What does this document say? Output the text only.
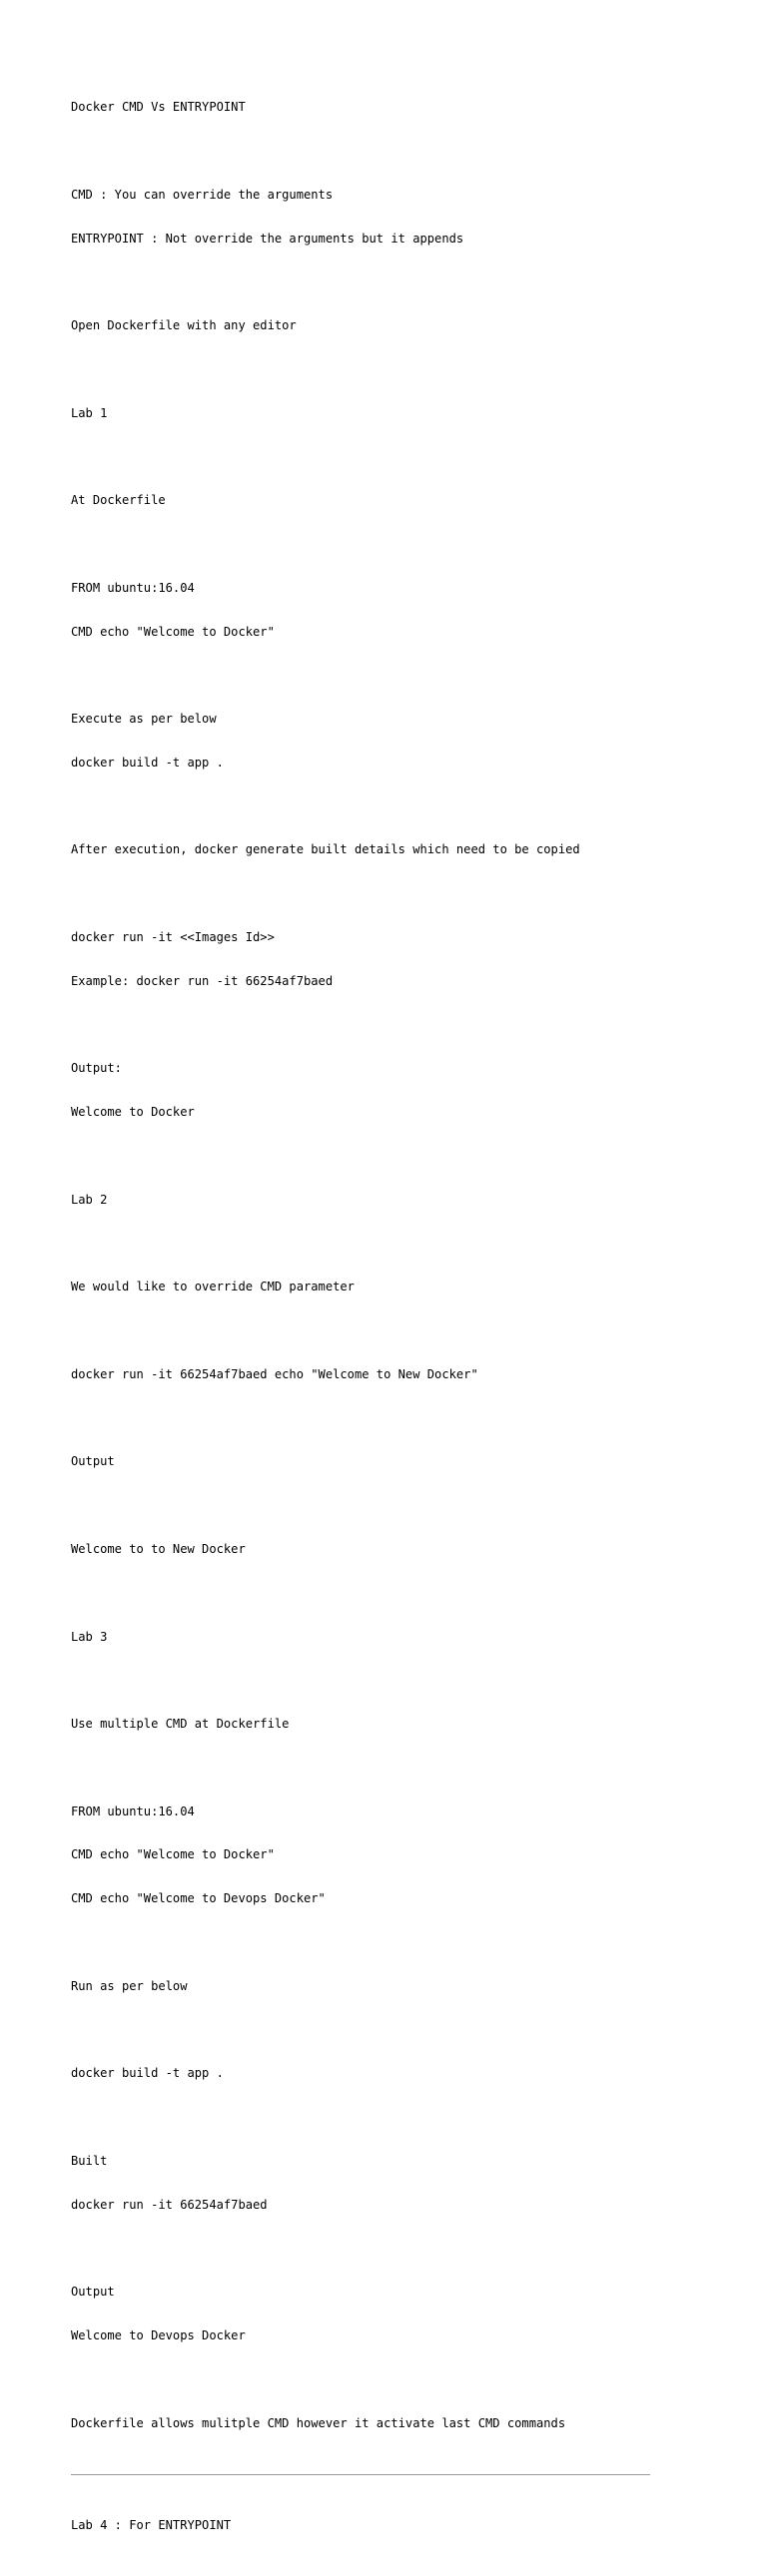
Docker CMD Vs ENTRYPOINT

CMD : You can override the arguments

ENTRYPOINT : Not override the arguments but it appends

Open Dockerfile with any editor

Lab 1

At Dockerfile

FROM ubuntu:16.04

CMD echo "Welcome to Docker"

Execute as per below

docker build -t app .

After execution, docker generate built details which need to be copied

docker run -it <<Images Id>>

Example: docker run -it 66254af7baed

Output:

Welcome to Docker

Lab 2

We would like to override CMD parameter

docker run -it 66254af7baed echo "Welcome to New Docker"

Output

Welcome to to New Docker

Lab 3

Use multiple CMD at Dockerfile

FROM ubuntu:16.04

CMD echo "Welcome to Docker"

CMD echo "Welcome to Devops Docker"

Run as per below

docker build -t app .

Built

docker run -it 66254af7baed

Output

Welcome to Devops Docker

Dockerfile allows mulitple CMD however it activate last CMD commands

Lab 4 : For ENTRYPOINT
